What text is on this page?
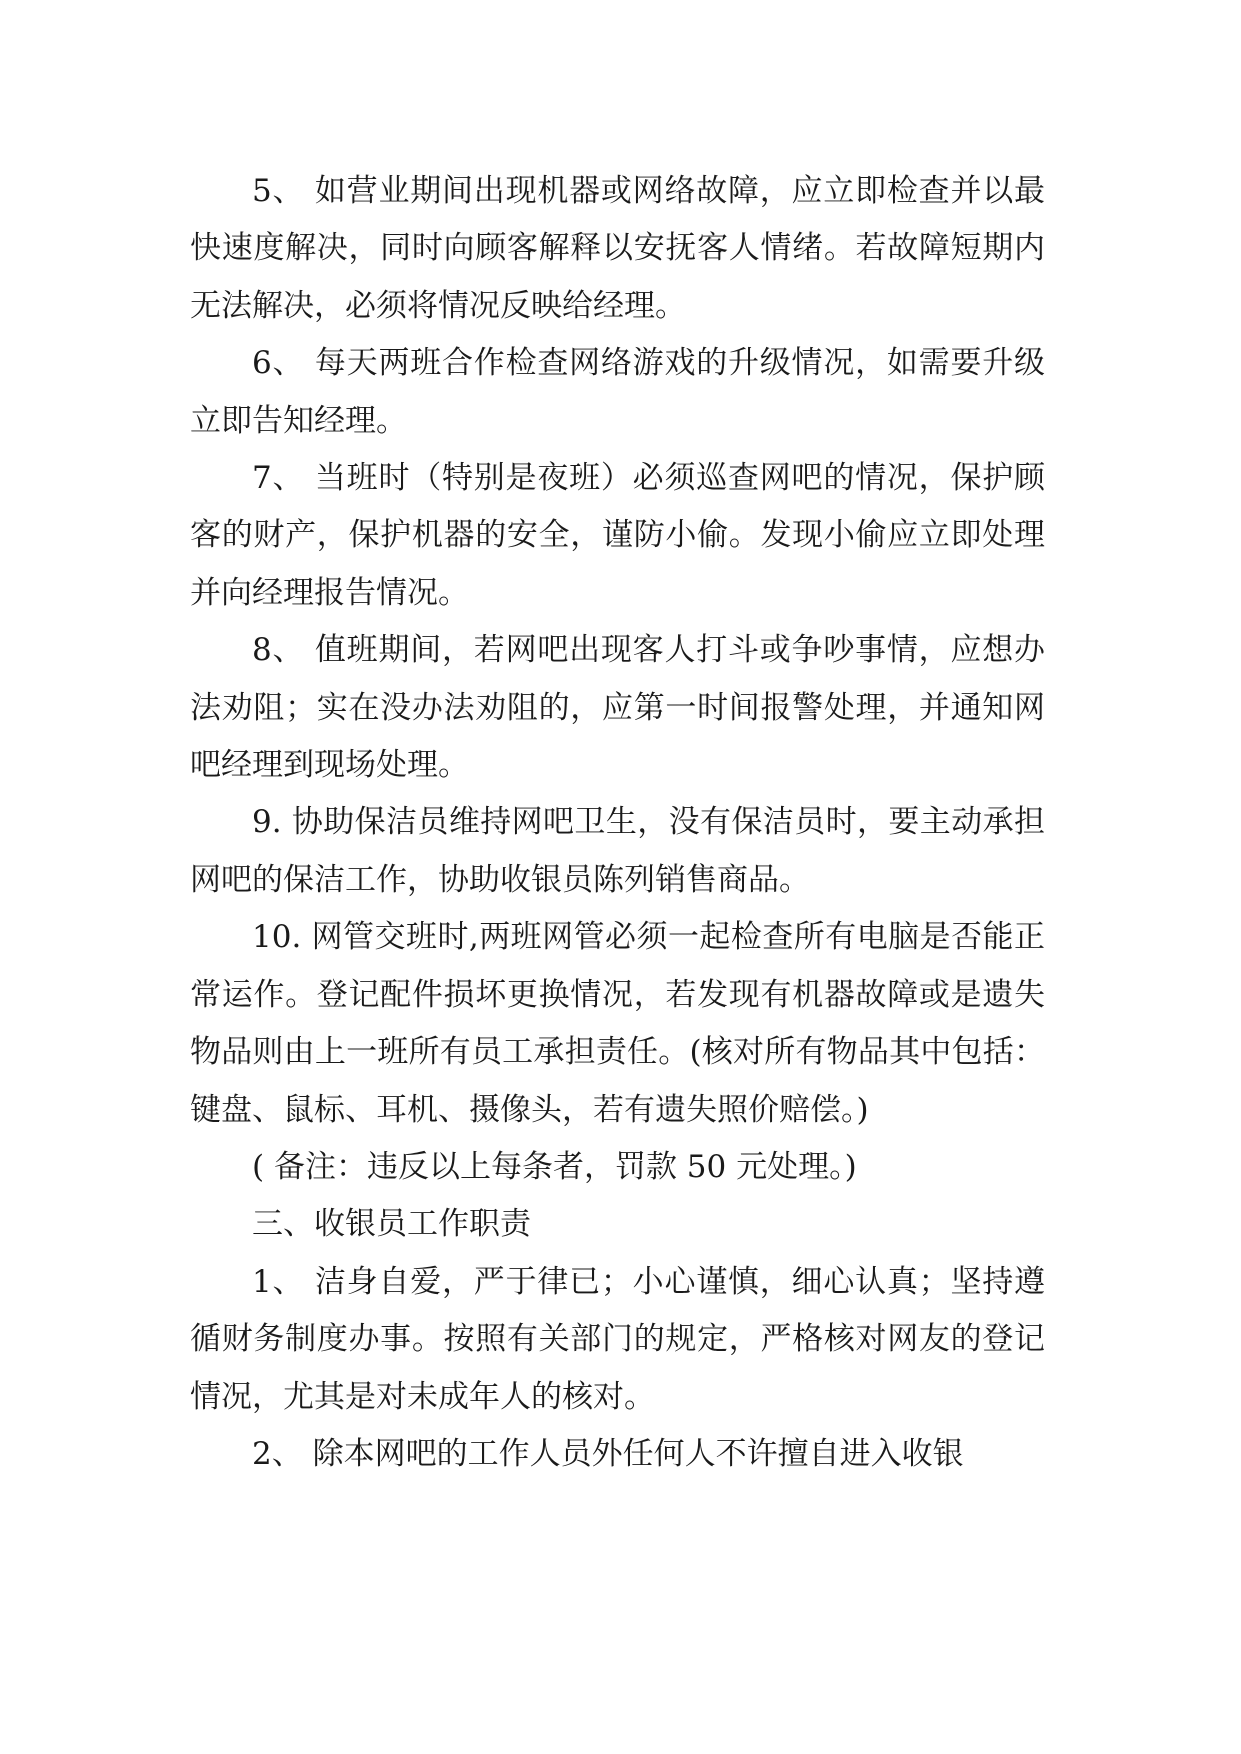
5、 如营业期间出现机器或网络故障，应立即检查并以最快速度解决，同时向顾客解释以安抚客人情绪。若故障短期内无法解决，必须将情况反映给经理。

6、 每天两班合作检查网络游戏的升级情况，如需要升级立即告知经理。

7、 当班时（特别是夜班）必须巡查网吧的情况，保护顾客的财产，保护机器的安全，谨防小偷。发现小偷应立即处理并向经理报告情况。

8、 值班期间，若网吧出现客人打斗或争吵事情，应想办法劝阻；实在没办法劝阻的，应第一时间报警处理，并通知网吧经理到现场处理。

9. 协助保洁员维持网吧卫生，没有保洁员时，要主动承担网吧的保洁工作，协助收银员陈列销售商品。

10. 网管交班时,两班网管必须一起检查所有电脑是否能正常运作。登记配件损坏更换情况，若发现有机器故障或是遗失物品则由上一班所有员工承担责任。(核对所有物品其中包括：键盘、鼠标、耳机、摄像头，若有遗失照价赔偿。)

( 备注：违反以上每条者，罚款 50 元处理。)

三、收银员工作职责

1、 洁身自爱，严于律已；小心谨慎，细心认真；坚持遵循财务制度办事。按照有关部门的规定，严格核对网友的登记情况，尤其是对未成年人的核对。

2、 除本网吧的工作人员外任何人不许擅自进入收银
